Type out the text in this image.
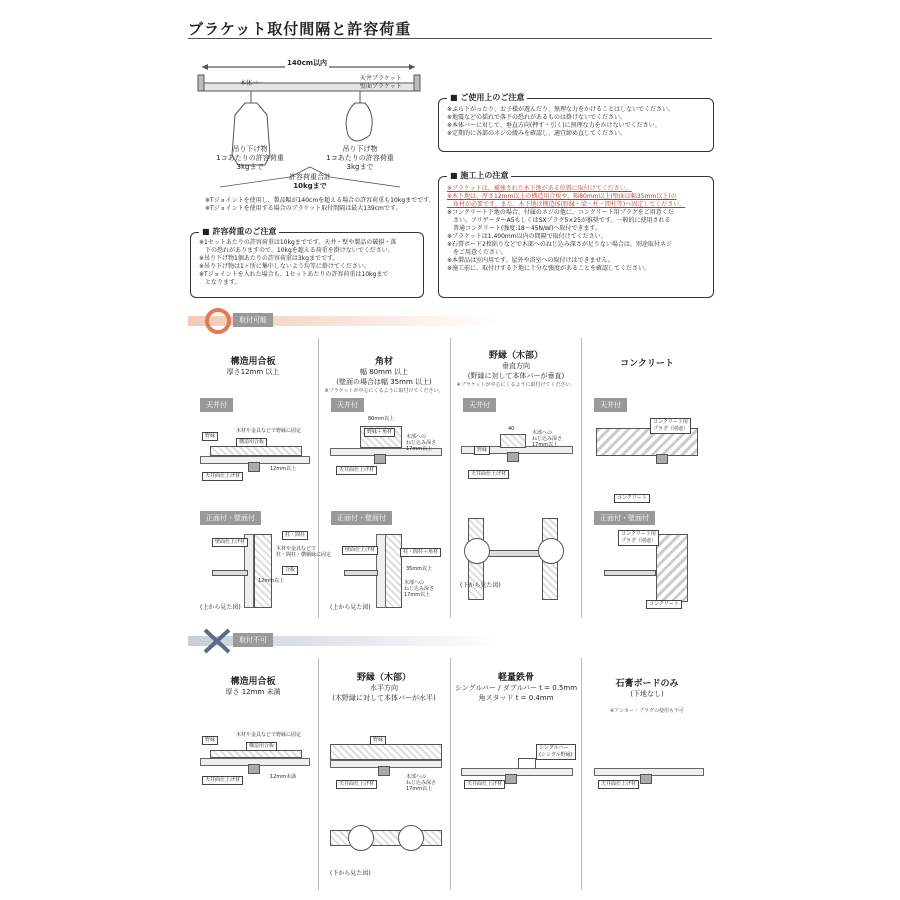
ブラケット取付間隔と許容荷重
140cm以内
本体バー
天井ブラケット
壁面ブラケット
吊り下げ物
1コあたりの許容荷重
3kgまで
吊り下げ物
1コあたりの許容荷重
3kgまで
許容荷重合計
10kgまで
※Tジョイントを使用し、製品幅が140cmを超える場合の許容荷重も10kgまでです。
※Tジョイントを使用する場合のブラケット取付間隔は最大139cmです。
■ 許容荷重のご注意
※1セットあたりの許容荷重は10kgまでです。天井・壁や製品の破損・落
　下の恐れがありますので、10kgを超える荷重を掛けないでください。
※吊り下げ物1個あたりの許容荷重は3kgまでです。
※吊り下げ物は1ヶ所に集中しないよう均等に掛けてください。
※Tジョイントを入れた場合も、1セットあたりの許容荷重は10kgまで
　となります。
■ ご使用上のご注意
※ぶら下がったり、お子様が遊んだり、無理な力をかけることはしないでください。
※地震などの揺れで落下の恐れがあるものは掛けないでください。
※本体バーに対して、垂直方向(押す・引く)に無理な力をかけないでください。
※定期的に各部のネジの緩みを確認し、適宜締め直してください。
■ 施工上の注意
※ブラケットは、補強された木下地がある位置に取付けてください。
※木下地は、厚さ12mm以上の構造用合板や、幅80mm以上(壁面は幅35mm以上)の
　角材が必要です。また、木下地は構造体(野縁・梁・柱・間柱等)へ固定してください。
※コンクリート下地の場合、付属のネジの他に、コンクリート用プラグをご用意くだ
　さい。アリゲーターA5もしくはSXプラグ5×25が推奨です。一般的に使用される
　普通コンクリート(強度:18〜45N/㎟)へ取付できます。
※ブラケットは1,400mm以内の間隔で取付けてください。
※石膏ボード2枚貼りなどで木部へのねじ込み深さが足りない場合は、別途取付ネジ
　をご用意ください。
※本製品は室内用です。屋外や浴室への取付けはできません。
※施工前に、取付けする下地に十分な強度があることを確認してください。
取付可能
構造用合板
厚さ12mm 以上
角材
幅 80mm 以上
(壁面の場合は幅 35mm 以上)
※ブラケットが中心にくるように取付けてください。
野縁（木部）
垂直方向
(野縁に対して本体バーが垂直)
※ブラケットが中心にくるように取付けてください。
コンクリート
天井付	天井付	天井付	天井付
野縁
木材や金具などで野縁に固定
構造用合板
天井面仕上げ材
12mm以上
80mm以上
野縁＋角材
木部への
ねじ込み深さ
17mm以上
天井面仕上げ材
40
野縁
木部への
ねじ込み深さ
17mm以上
天井面仕上げ材
コンクリート用
プラグ（別途）
コンクリート
正面付・壁面付	正面付・壁面付	正面付・壁面付
壁面仕上げ材
柱・間柱
木材や金具などで
柱・間柱・横胴縁に固定
合板
12mm以上
(上から見た図)
壁面仕上げ材	柱・間柱＋角材
35mm以上
木部への
ねじ込み深さ
17mm以上
(上から見た図)
(下から見た図)
コンクリート用
プラグ（別途）
コンクリート
取付不可
構造用合板
厚さ 12mm 未満
野縁（木部）
水平方向
(木野縁に対して本体バーが水平)
軽量鉄骨
シングルバー / ダブルバー t = 0.5mm
角スタッド t = 0.4mm
石膏ボードのみ
(下地なし)
※アンカー・プラグの使用も不可
野縁
木材や金具などで野縁に固定
構造用合板
天井面仕上げ材	12mm未満
野縁
天井面仕上げ材
木部への
ねじ込み深さ
17mm以上
(下から見た図)
シングルバー
(シングル野縁)
天井面仕上げ材	天井面仕上げ材
